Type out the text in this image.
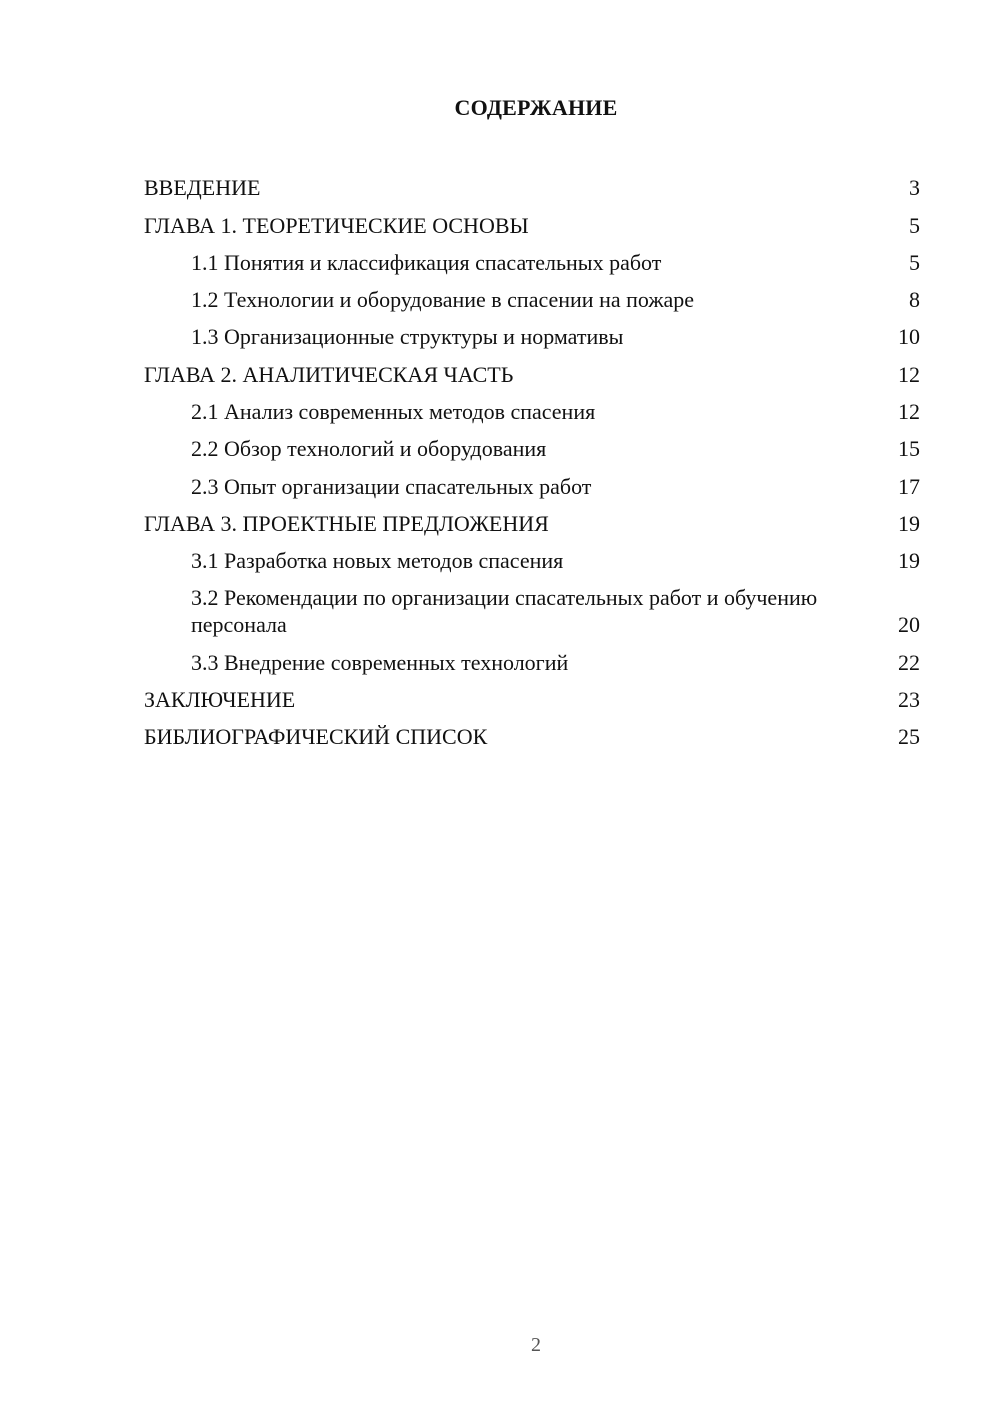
СОДЕРЖАНИЕ
ВВЕДЕНИЕ	3
ГЛАВА 1. ТЕОРЕТИЧЕСКИЕ ОСНОВЫ	5
1.1 Понятия и классификация спасательных работ	5
1.2 Технологии и оборудование в спасении на пожаре	8
1.3 Организационные структуры и нормативы	10
ГЛАВА 2. АНАЛИТИЧЕСКАЯ ЧАСТЬ	12
2.1 Анализ современных методов спасения	12
2.2 Обзор технологий и оборудования	15
2.3 Опыт организации спасательных работ	17
ГЛАВА 3. ПРОЕКТНЫЕ ПРЕДЛОЖЕНИЯ	19
3.1 Разработка новых методов спасения	19
3.2 Рекомендации по организации спасательных работ и обучению персонала	20
3.3 Внедрение современных технологий	22
ЗАКЛЮЧЕНИЕ	23
БИБЛИОГРАФИЧЕСКИЙ СПИСОК	25
2
